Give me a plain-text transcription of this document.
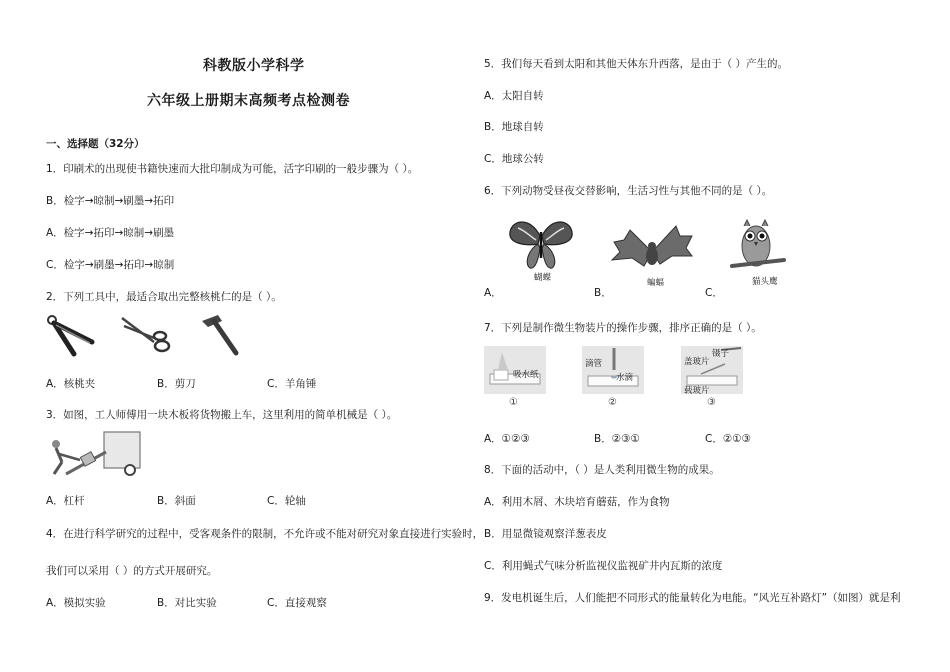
科教版小学科学
六年级上册期末高频考点检测卷
一、选择题（32分）
1．印刷术的出现使书籍快速而大批印制成为可能，活字印刷的一般步骤为（ ）。
B．检字→晾制→刷墨→拓印
A．检字→拓印→晾制→刷墨
C．检字→刷墨→拓印→晾制
2．下列工具中，最适合取出完整核桃仁的是（ ）。
A．核桃夹	B．剪刀	C．羊角锤
3．如图，工人师傅用一块木板将货物搬上车，这里利用的简单机械是（ ）。
A．杠杆	B．斜面	C．轮轴
4．在进行科学研究的过程中，受客观条件的限制，不允许或不能对研究对象直接进行实验时，
我们可以采用（ ）的方式开展研究。
A．模拟实验	B．对比实验	C．直接观察
5．我们每天看到太阳和其他天体东升西落，是由于（ ）产生的。
A．太阳自转
B．地球自转
C．地球公转
6．下列动物受昼夜交替影响，生活习性与其他不同的是（ ）。
蝴蝶	蝙蝠	猫头鹰
A．	B．	C．
7．下列是制作微生物装片的操作步骤，排序正确的是（ ）。
吸水纸
①
滴管
水滴
②
镊子
盖玻片
载玻片
③
A．①②③	B．②③①	C．②①③
8．下面的活动中，（ ）是人类利用微生物的成果。
A．利用木屑、木块培育蘑菇，作为食物
B．用显微镜观察洋葱表皮
C．利用蝇式气味分析监视仪监视矿井内瓦斯的浓度
9．发电机诞生后，人们能把不同形式的能量转化为电能。“风光互补路灯”（如图）就是利
